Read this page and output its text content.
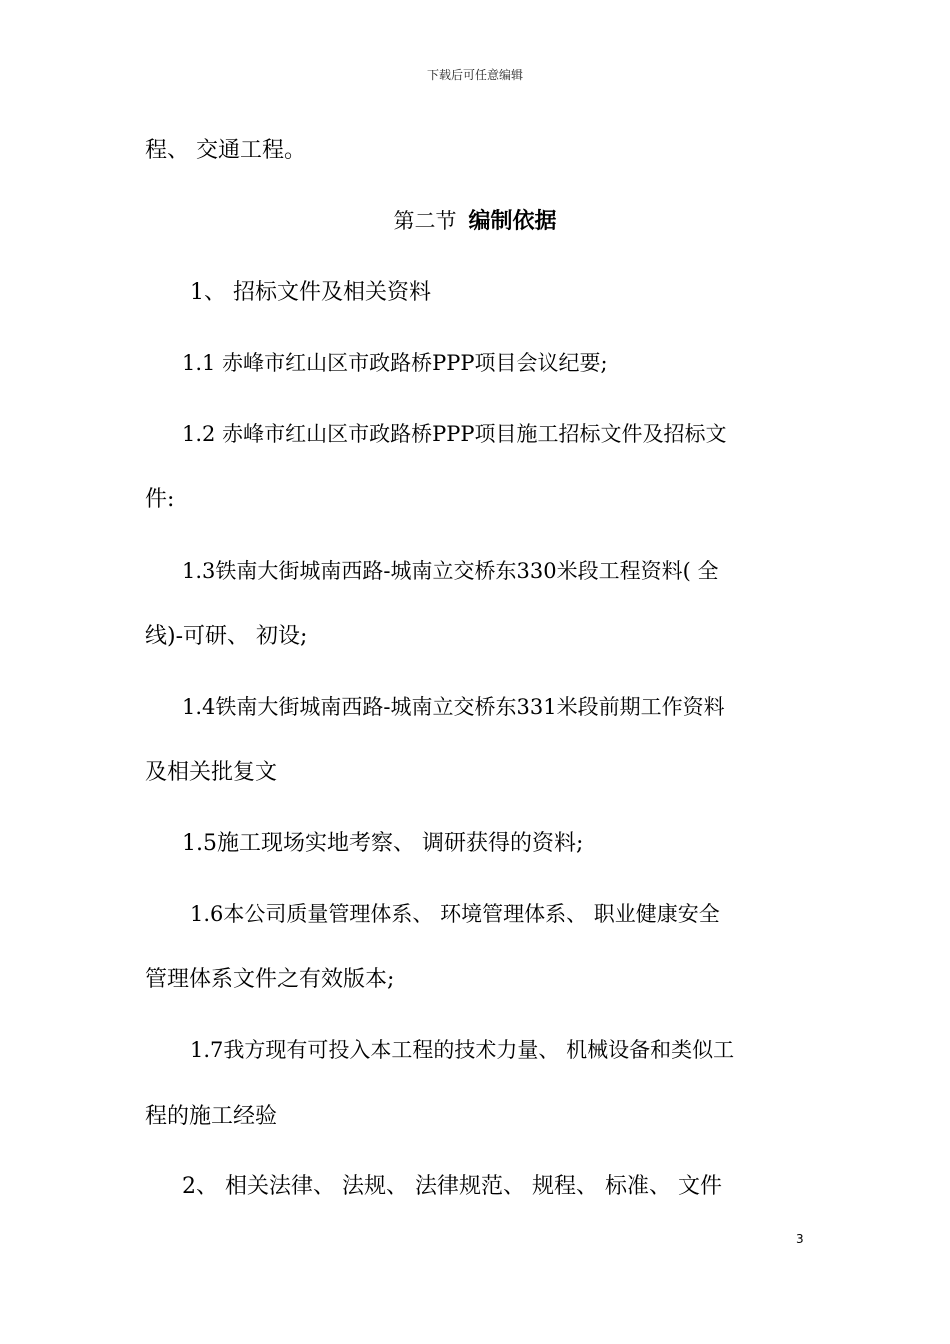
下载后可任意编辑
程、 交通工程。
第二节 编制依据
1、 招标文件及相关资料
1.1 赤峰市红山区市政路桥PPP项目会议纪要;
1.2 赤峰市红山区市政路桥PPP项目施工招标文件及招标文
件:
1.3铁南大街城南西路-城南立交桥东330米段工程资料( 全
线)-可研、 初设;
1.4铁南大街城南西路-城南立交桥东331米段前期工作资料
及相关批复文
1.5施工现场实地考察、 调研获得的资料;
1.6本公司质量管理体系、 环境管理体系、 职业健康安全
管理体系文件之有效版本;
1.7我方现有可投入本工程的技术力量、 机械设备和类似工
程的施工经验
2、 相关法律、 法规、 法律规范、 规程、 标准、 文件
3
